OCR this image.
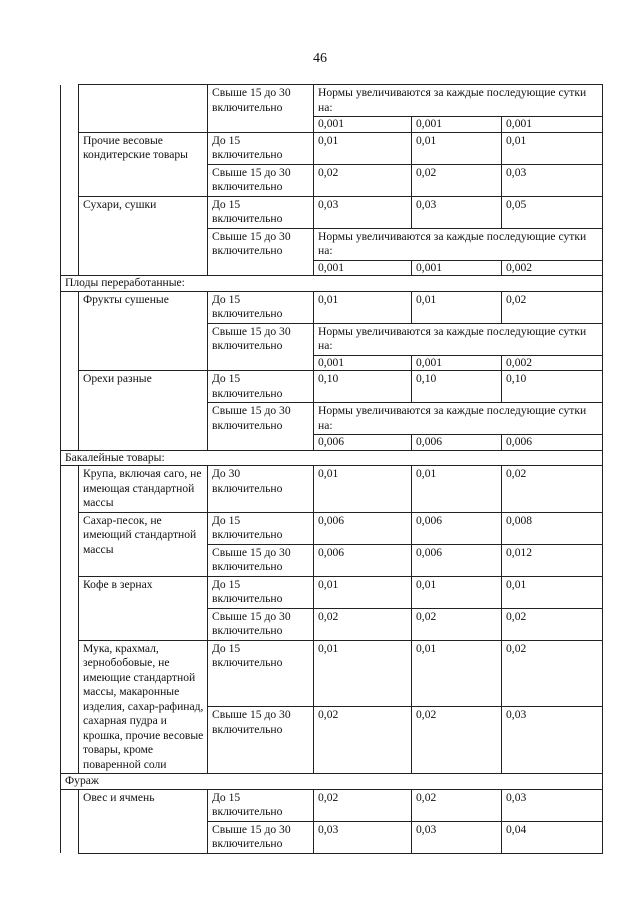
46
		Свыше 15 до 30 включительно	Нормы увеличиваются за каждые последующие сутки на:		
			0,001	0,001	0,001
	Прочие весовые кондитерские товары	До 15 включительно	0,01	0,01	0,01
		Свыше 15 до 30 включительно	0,02	0,02	0,03
	Сухари, сушки	До 15 включительно	0,03	0,03	0,05
		Свыше 15 до 30 включительно	Нормы увеличиваются за каждые последующие сутки на:		
			0,001	0,001	0,002
Плоды переработанные:					
	Фрукты сушеные	До 15 включительно	0,01	0,01	0,02
		Свыше 15 до 30 включительно	Нормы увеличиваются за каждые последующие сутки на:		
			0,001	0,001	0,002
	Орехи разные	До 15 включительно	0,10	0,10	0,10
		Свыше 15 до 30 включительно	Нормы увеличиваются за каждые последующие сутки на:		
			0,006	0,006	0,006
Бакалейные товары:					
	Крупа, включая саго, не имеющая стандартной массы	До 30 включительно	0,01	0,01	0,02
	Сахар-песок, не имеющий стандартной массы	До 15 включительно	0,006	0,006	0,008
		Свыше 15 до 30 включительно	0,006	0,006	0,012
	Кофе в зернах	До 15 включительно	0,01	0,01	0,01
		Свыше 15 до 30 включительно	0,02	0,02	0,02
	Мука, крахмал, зернобобовые, не имеющие стандартной массы, макаронные изделия, сахар-рафинад, сахарная пудра и крошка, прочие весовые товары, кроме поваренной соли	До 15 включительно	0,01	0,01	0,02
		Свыше 15 до 30 включительно	0,02	0,02	0,03
Фураж					
	Овес и ячмень	До 15 включительно	0,02	0,02	0,03
		Свыше 15 до 30 включительно	0,03	0,03	0,04
